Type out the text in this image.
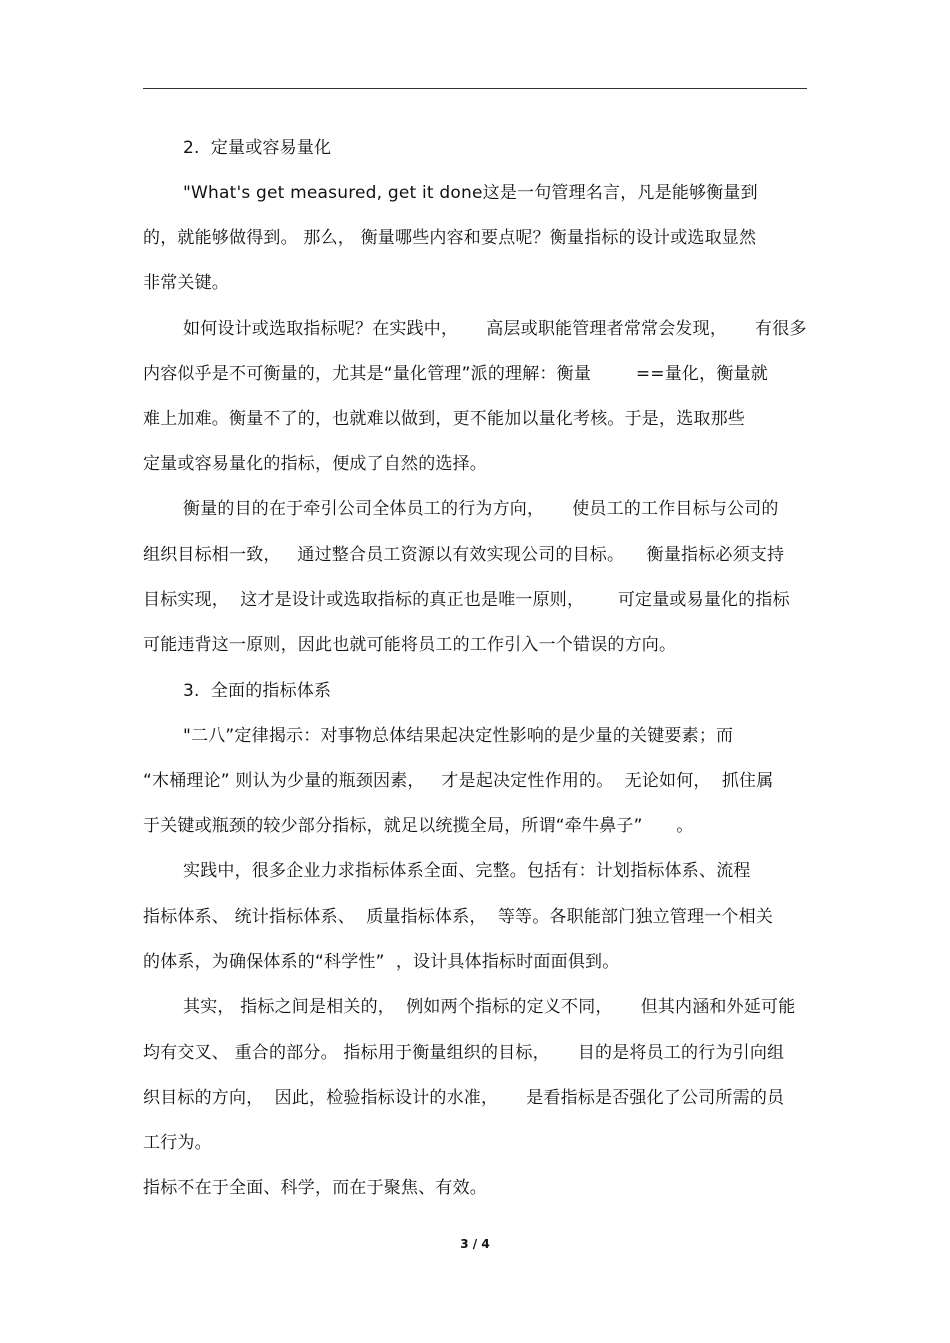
2.  定量或容易量化
"What's get measured, get it done这是一句管理名言，凡是能够衡量到
的，就能够做得到。 那么， 衡量哪些内容和要点呢？衡量指标的设计或选取显然
非常关键。
如何设计或选取指标呢？在实践中，     高层或职能管理者常常会发现，     有很多
内容似乎是不可衡量的，尤其是“量化管理”派的理解：衡量        ==量化，衡量就
难上加难。衡量不了的，也就难以做到，更不能加以量化考核。于是，选取那些
定量或容易量化的指标，便成了自然的选择。
衡量的目的在于牵引公司全体员工的行为方向，     使员工的工作目标与公司的
组织目标相一致，   通过整合员工资源以有效实现公司的目标。    衡量指标必须支持
目标实现，  这才是设计或选取指标的真正也是唯一原则，      可定量或易量化的指标
可能违背这一原则，因此也就可能将员工的工作引入一个错误的方向。
3.  全面的指标体系
"二八”定律揭示：对事物总体结果起决定性影响的是少量的关键要素；而
“木桶理论” 则认为少量的瓶颈因素，   才是起决定性作用的。  无论如何，  抓住属
于关键或瓶颈的较少部分指标，就足以统揽全局，所谓“牵牛鼻子”      。
实践中，很多企业力求指标体系全面、完整。包括有：计划指标体系、流程
指标体系、 统计指标体系、  质量指标体系，  等等。各职能部门独立管理一个相关
的体系，为确保体系的“科学性”  ，设计具体指标时面面俱到。
其实， 指标之间是相关的，  例如两个指标的定义不同，     但其内涵和外延可能
均有交叉、 重合的部分。 指标用于衡量组织的目标，     目的是将员工的行为引向组
织目标的方向，  因此，检验指标设计的水准，     是看指标是否强化了公司所需的员
工行为。
指标不在于全面、科学，而在于聚焦、有效。
3 / 4
